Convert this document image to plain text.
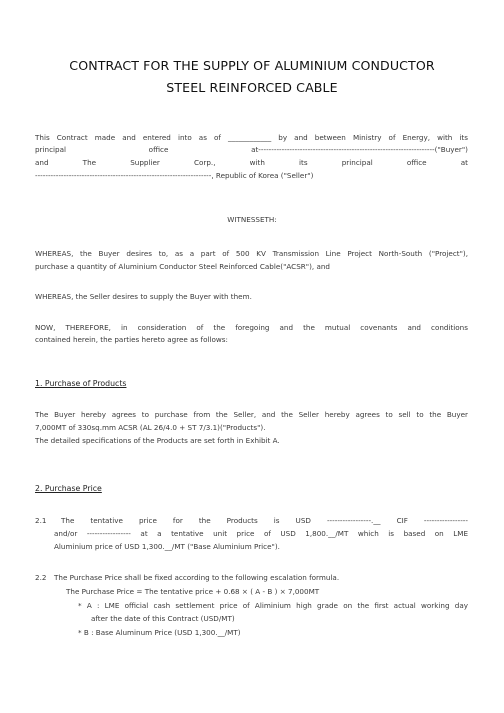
CONTRACT FOR THE SUPPLY OF ALUMINIUM CONDUCTOR
STEEL REINFORCED CABLE
This Contract made and entered into as of ____________ by and between Ministry of Energy, with its
principal office at--------------------------------------------------------------------("Buyer")
and The Supplier Corp., with its principal office at
--------------------------------------------------------------------, Republic of Korea ("Seller")
WITNESSETH:
WHEREAS, the Buyer desires to, as a part of 500 KV Transmission Line Project North-South ("Project"),
purchase a quantity of Aluminium Conductor Steel Reinforced Cable("ACSR"), and
WHEREAS, the Seller desires to supply the Buyer with them.
NOW, THEREFORE, in consideration of the foregoing and the mutual covenants and conditions
contained herein, the parties hereto agree as follows:
1. Purchase of Products
The Buyer hereby agrees to purchase from the Seller, and the Seller hereby agrees to sell to the Buyer
7,000MT of 330sq.mm ACSR (AL 26/4.0 + ST 7/3.1)("Products").
The detailed specifications of the Products are set forth in Exhibit A.
2. Purchase Price
2.1 The tentative price for the Products is USD -----------------.__ CIF -----------------
and/or ----------------- at a tentative unit price of USD 1,800.__/MT which is based on LME
Aluminium price of USD 1,300.__/MT ("Base Aluminium Price").
2.2 The Purchase Price shall be fixed according to the following escalation formula.
The Purchase Price = The tentative price + 0.68 × ( A - B ) × 7,000MT
* A : LME official cash settlement price of Aliminium high grade on the first actual working day
after the date of this Contract (USD/MT)
* B : Base Aluminum Price (USD 1,300.__/MT)
